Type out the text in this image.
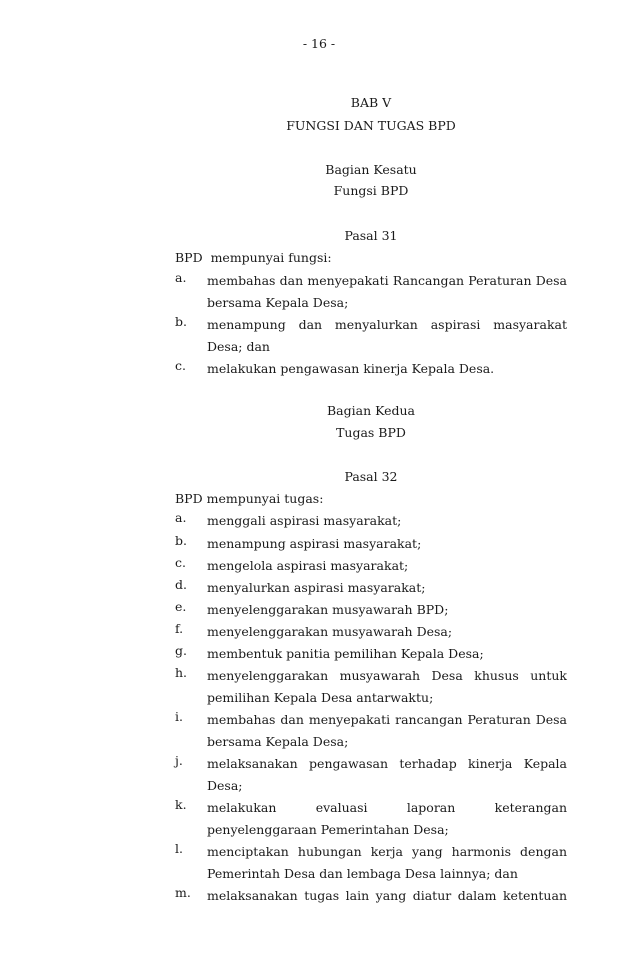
- 16 -
BAB V
FUNGSI DAN TUGAS BPD
Bagian Kesatu
Fungsi BPD
Pasal 31
BPD  mempunyai fungsi:
a. membahas dan menyepakati Rancangan Peraturan Desa bersama Kepala Desa;
b. menampung dan menyalurkan aspirasi masyarakat Desa; dan
c. melakukan pengawasan kinerja Kepala Desa.
Bagian Kedua
Tugas BPD
Pasal 32
BPD mempunyai tugas:
a. menggali aspirasi masyarakat;
b. menampung aspirasi masyarakat;
c. mengelola aspirasi masyarakat;
d. menyalurkan aspirasi masyarakat;
e. menyelenggarakan musyawarah BPD;
f. menyelenggarakan musyawarah Desa;
g. membentuk panitia pemilihan Kepala Desa;
h. menyelenggarakan musyawarah Desa khusus untuk pemilihan Kepala Desa antarwaktu;
i. membahas dan menyepakati rancangan Peraturan Desa bersama Kepala Desa;
j. melaksanakan pengawasan terhadap kinerja Kepala Desa;
k. melakukan evaluasi laporan keterangan penyelenggaraan Pemerintahan Desa;
l. menciptakan hubungan kerja yang harmonis dengan Pemerintah Desa dan lembaga Desa lainnya; dan
m. melaksanakan tugas lain yang diatur dalam ketentuan
